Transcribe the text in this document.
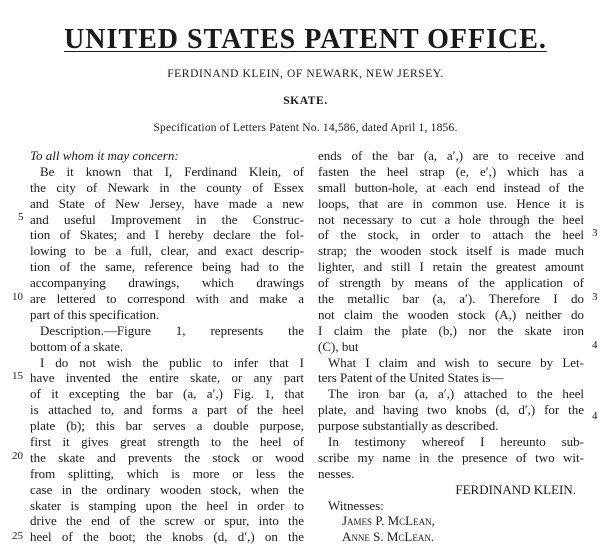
UNITED STATES PATENT OFFICE.
FERDINAND KLEIN, OF NEWARK, NEW JERSEY.
SKATE.
Specification of Letters Patent No. 14,586, dated April 1, 1856.
To all whom it may concern:
Be it known that I, Ferdinand Klein, of
the city of Newark in the county of Essex
and State of New Jersey, have made a new
and useful Improvement in the Construc-
tion of Skates; and I hereby declare the fol-
lowing to be a full, clear, and exact descrip-
tion of the same, reference being had to the
accompanying drawings, which drawings
are lettered to correspond with and make a
part of this specification.
Description.—Figure 1, represents the
bottom of a skate.
I do not wish the public to infer that I
have invented the entire skate, or any part
of it excepting the bar (a, a′,) Fig. 1, that
is attached to, and forms a part of the heel
plate (b); this bar serves a double purpose,
first it gives great strength to the heel of
the skate and prevents the stock or wood
from splitting, which is more or less the
case in the ordinary wooden stock, when the
skater is stamping upon the heel in order to
drive the end of the screw or spur, into the
heel of the boot; the knobs (d, d′,) on the
5
10
15
20
25
ends of the bar (a, a′,) are to receive and
fasten the heel strap (e, e′,) which has a
small button-hole, at each end instead of the
loops, that are in common use. Hence it is
not necessary to cut a hole through the heel
of the stock, in order to attach the heel
strap; the wooden stock itself is made much
lighter, and still I retain the greatest amount
of strength by means of the application of
the metallic bar (a, a′). Therefore I do
not claim the wooden stock (A,) neither do
I claim the plate (b,) nor the skate iron
(C), but
What I claim and wish to secure by Let-
ters Patent of the United States is—
The iron bar (a, a′,) attached to the heel
plate, and having two knobs (d, d′,) for the
purpose substantially as described.
In testimony whereof I hereunto sub-
scribe my name in the presence of two wit-
nesses.
FERDINAND KLEIN.
Witnesses:
James P. McLean,
Anne S. McLean.
3
3
4
4
